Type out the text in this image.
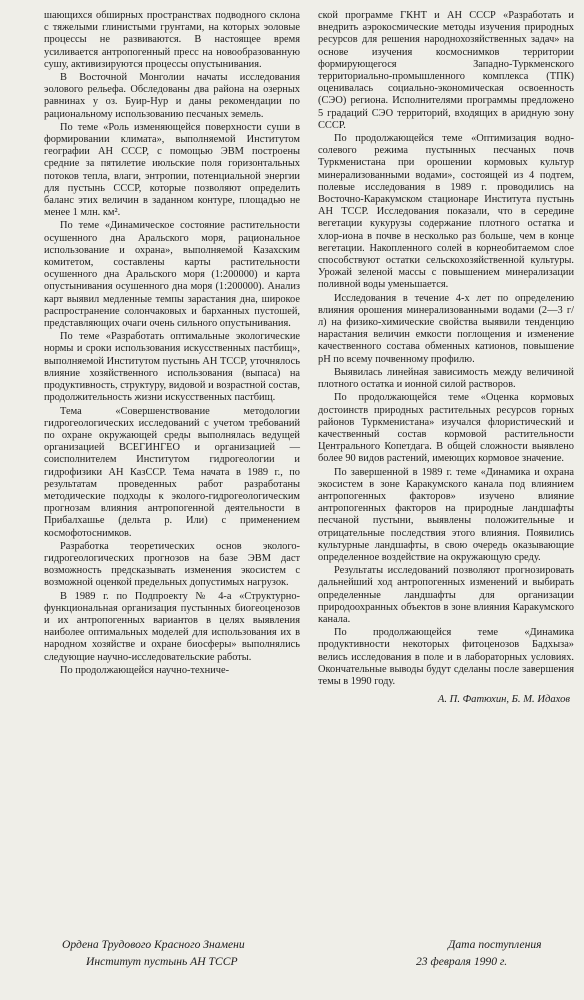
шающихся обширных пространствах подводного склона с тяжелыми глинистыми грунтами, на которых эоловые процессы не развиваются. В настоящее время усиливается антропогенный пресс на новообразованную сушу, активизируются процессы опустынивания.

В Восточной Монголии начаты исследования эолового рельефа. Обследованы два района на озерных равнинах у оз. Буир-Нур и даны рекомендации по рациональному использованию песчаных земель.

По теме «Роль изменяющейся поверхности суши в формировании климата», выполняемой Институтом географии АН СССР, с помощью ЭВМ построены средние за пятилетие июльские поля горизонтальных потоков тепла, влаги, энтропии, потенциальной энергии для пустынь СССР, которые позволяют определить баланс этих величин в заданном контуре, площадью не менее 1 млн. км².

По теме «Динамическое состояние растительности осушенного дна Аральского моря, рациональное использование и охрана», выполняемой Казахским комитетом, составлены карты растительности осушенного дна Аральского моря (1:200000) и карта опустынивания осушенного дна моря (1:200000). Анализ карт выявил медленные темпы зарастания дна, широкое распространение солончаковых и барханных пустошей, представляющих очаги очень сильного опустынивания.

По теме «Разработать оптимальные экологические нормы и сроки использования искусственных пастбищ», выполняемой Институтом пустынь АН ТССР, уточнялось влияние хозяйственного использования (выпаса) на продуктивность, структуру, видовой и возрастной состав, продолжительность жизни искусственных пастбищ.

Тема «Совершенствование методологии гидрогеологических исследований с учетом требований по охране окружающей среды выполнялась ведущей организацией ВСЕГИНГЕО и организацией — соисполнителем Институтом гидрогеологии и гидрофизики АН КазССР. Тема начата в 1989 г., по результатам проведенных работ разработаны методические подходы к эколого-гидрогеологическим прогнозам влияния антропогенной деятельности в Прибалхашье (дельта р. Или) с применением космофотоснимков.

Разработка теоретических основ эколого-гидрогеологических прогнозов на базе ЭВМ даст возможность предсказывать изменения экосистем с возможной оценкой предельных допустимых нагрузок.

В 1989 г. по Подпроекту № 4-а «Структурно-функциональная организация пустынных биогеоценозов и их антропогенных вариантов в целях выявления наиболее оптимальных моделей для использования их в народном хозяйстве и охране биосферы» выполнялись следующие научно-исследовательские работы.

По продолжающейся научно-техниче-

ской программе ГКНТ и АН СССР «Разработать и внедрить аэрокосмические методы изучения природных ресурсов для решения народнохозяйственных задач» на основе изучения космоснимков территории формирующегося Западно-Туркменского территориально-промышленного комплекса (ТПК) оценивалась социально-экономическая освоенность (СЭО) региона. Исполнителями программы предложено 5 градаций СЭО территорий, входящих в аридную зону СССР.

По продолжающейся теме «Оптимизация водно-солевого режима пустынных песчаных почв Туркменистана при орошении кормовых культур минерализованными водами», состоящей из 4 подтем, полевые исследования в 1989 г. проводились на Восточно-Каракумском стационаре Института пустынь АН ТССР. Исследования показали, что в середине вегетации кукурузы содержание плотного остатка и хлор-иона в почве в несколько раз больше, чем в конце вегетации. Накопленного солей в корнеобитаемом слое способствуют остатки сельскохозяйственной культуры. Урожай зеленой массы с повышением минерализации поливной воды уменьшается.

Исследования в течение 4-х лет по определению влияния орошения минерализованными водами (2—3 г/л) на физико-химические свойства выявили тенденцию нарастания величин емкости поглощения и изменение качественного состава обменных катионов, повышение pH по всему почвенному профилю.

Выявилась линейная зависимость между величиной плотного остатка и ионной силой растворов.

По продолжающейся теме «Оценка кормовых достоинств природных растительных ресурсов горных районов Туркменистана» изучался флористический и качественный состав кормовой растительности Центрального Копетдага. В общей сложности выявлено более 90 видов растений, имеющих кормовое значение.

По завершенной в 1989 г. теме «Динамика и охрана экосистем в зоне Каракумского канала под влиянием антропогенных факторов» изучено влияние антропогенных факторов на природные ландшафты песчаной пустыни, выявлены положительные и отрицательные последствия этого влияния. Появились культурные ландшафты, в свою очередь оказывающие определенное воздействие на окружающую среду.

Результаты исследований позволяют прогнозировать дальнейший ход антропогенных изменений и выбирать определенные ландшафты для организации природоохранных объектов в зоне влияния Каракумского канала.

По продолжающейся теме «Динамика продуктивности некоторых фитоценозов Бадхыза» велись исследования в поле и в лабораторных условиях. Окончательные выводы будут сделаны после завершения темы в 1990 году.

А. П. Фатюхин, Б. М. Идахов
Ордена Трудового Красного Знамени
Институт пустынь АН ТССР
Дата поступления
23 февраля 1990 г.
